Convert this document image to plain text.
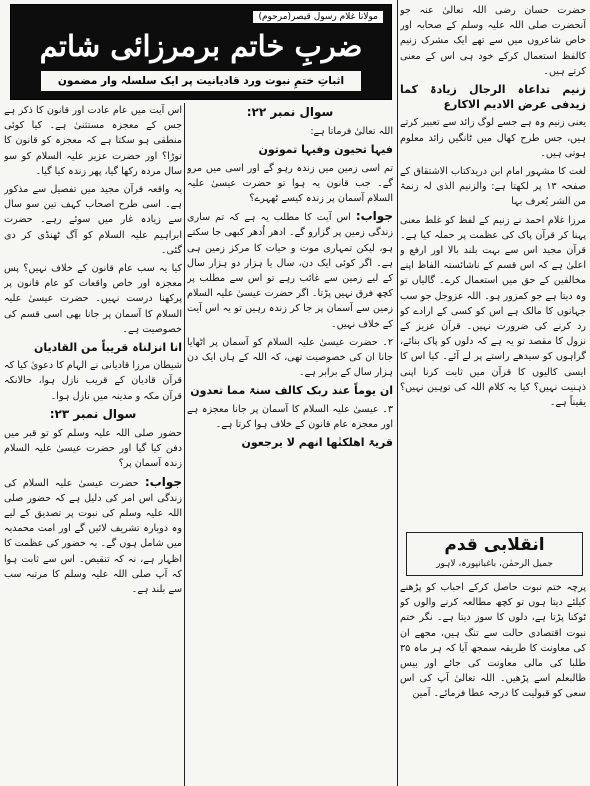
مولانا غلام رسول قیصر(مرحوم)
ضربِ خاتم برمرزائی شاتم
اثباتِ ختمِ نبوت ورد قادیانیت پر ایک سلسلہ وار مضمون

حضرت حسان رضی اللہ تعالیٰ عنہ جو آنحضرت صلی اللہ علیہ وسلم کے صحابہ اور خاص شاعروں میں سے تھے ایک مشرک زنیم کالفظ استعمال کرکے خود ہی اس کے معنی کرتے ہیں۔

زنیم تداعاہ الرجال زیادۃ کما زیدفی عرض الادیم الاکارع

یعنی زنیم وہ ہے جسے لوگ زائد سے تعبیر کرتے ہیں، جس طرح کھال میں ٹانگیں زائد معلوم ہوتی ہیں۔

لغت کا مشہور امام ابن دریدکتاب الاشتقاق کے صفحہ ۱۳ پر لکھتا ہے: والزنیم الذی لہ زنمۃ من الشر یُعرف بہا

مرزا غلام احمد نے زنیم کے لفظ کو غلط معنی پہنا کر قرآن پاک کی عظمت پر حملہ کیا ہے۔ قرآن مجید اس سے بہت بلند بالا اور ارفع و اعلیٰ ہے کہ اس قسم کے ناشائستہ الفاظ اپنے مخالفین کے حق میں استعمال کرے۔ گالیاں تو وہ دیتا ہے جو کمزور ہو۔ اللہ عزوجل جو سب جہانوں کا مالک ہے اس کو کسی کے ارادے کو رد کرنے کی ضرورت نہیں۔ قرآن عزیز کے نزول کا مقصد تو یہ ہے کہ دلوں کو پاک بنائے، گراہوں کو سیدھے راستے پر لے آئے۔ کیا اس کا ایسی کالیوں کا قرآن میں ثابت کرنا اپنی ذہنیت نہیں؟ کیا یہ کلام اللہ کی توہین نہیں؟ یقیناً ہے۔

انقلابی قدم
جمیل الرحمٰن، باغبانپورہ، لاہور

پرچہ ختم نبوت حاصل کرکے احباب کو پڑھنے کیلئے دیتا ہوں تو کچھ مطالعہ کرنے والوں کو ٹوکنا پڑتا ہے، دلوں کا سوز دیتا ہے۔ نگر ختم نبوت اقتصادی حالت سے تنگ ہیں، مجھے ان کی معاونت کا طریقہ سمجھ آیا کہ ہر ماہ ۳۵ طلبا کی مالی معاونت کی جائے اور بیس طالبعلم اسے پڑھیں۔ اللہ تعالیٰ آپ کی اس سعی کو قبولیت کا درجہ عطا فرمائے۔ آمین

سوال نمبر ۲۲:

اللہ تعالیٰ فرماتا ہے:

فیہا تحیون وفیہا تموتون

تم اسی زمین میں زندہ رہو گے اور اسی میں مرو گے۔ جب قانون یہ ہوا تو حضرت عیسیٰ علیہ السلام آسمان پر زندہ کیسے ٹھہرے؟

جواب: اس آیت کا مطلب یہ ہے کہ تم ساری زندگی زمین پر گزارو گے۔ ادھر اُدھر کبھی جا سکتے ہو، لیکن تمہاری موت و حیات کا مرکز زمین ہی ہے۔ اگر کوئی ایک دن، سال یا ہزار دو ہزار سال کے لیے زمین سے غائب رہے تو اس سے مطلب پر کچھ فرق نہیں پڑتا۔ اگر حضرت عیسیٰ علیہ السلام زمین سے آسمان پر جا کر زندہ رہیں تو یہ اس آیت کے خلاف نہیں۔

۲۔ حضرت عیسیٰ علیہ السلام کو آسمان پر اٹھایا جانا ان کی خصوصیت تھی، کہ اللہ کے ہاں ایک دن ہزار سال کے برابر ہے۔

ان یوماً عند ربک کالف سنۃ مما تعدون

۳۔ عیسیٰ علیہ السلام کا آسمان پر جانا معجزہ ہے اور معجزہ عام قانون کے خلاف ہوا کرتا ہے۔

قریۃ اھلکنٰھا انھم لا یرجعون

اس آیت میں عام عادت اور قانون کا ذکر ہے جس کے معجزہ مستثنیٰ ہے۔ کیا کوئی منطقی ہو سکتا ہے کہ معجزہ کو قانون کا توڑا؟ اور حضرت عزیر علیہ السلام کو سو سال مردہ رکھا گیا، پھر زندہ کیا گیا۔

یہ واقعہ قرآن مجید میں تفصیل سے مذکور ہے۔ اسی طرح اصحاب کہف تین سو سال سے زیادہ غار میں سوئے رہے۔ حضرت ابراہیم علیہ السلام کو آگ ٹھنڈی کر دی گئی۔

کیا یہ سب عام قانون کے خلاف نہیں؟ پس معجزہ اور خاص واقعات کو عام قانون پر پرکھنا درست نہیں۔ حضرت عیسیٰ علیہ السلام کا آسمان پر جانا بھی اسی قسم کی خصوصیت ہے۔

انا انزلناہ قریباً من القادیان

شیطان مرزا قادیانی نے الہام کا دعویٰ کیا کہ قرآن قادیان کے قریب نازل ہوا، حالانکہ قرآن مکہ و مدینہ میں نازل ہوا۔

سوال نمبر ۲۳:

حضور صلی اللہ علیہ وسلم کو تو قبر میں دفن کیا گیا اور حضرت عیسیٰ علیہ السلام زندہ آسمان پر؟

جواب: حضرت عیسیٰ علیہ السلام کی زندگی اس امر کی دلیل ہے کہ حضور صلی اللہ علیہ وسلم کی نبوت پر تصدیق کے لیے وہ دوبارہ تشریف لائیں گے اور امت محمدیہ میں شامل ہوں گے۔ یہ حضور کی عظمت کا اظہار ہے، نہ کہ تنقیص۔ اس سے ثابت ہوا کہ آپ صلی اللہ علیہ وسلم کا مرتبہ سب سے بلند ہے۔
